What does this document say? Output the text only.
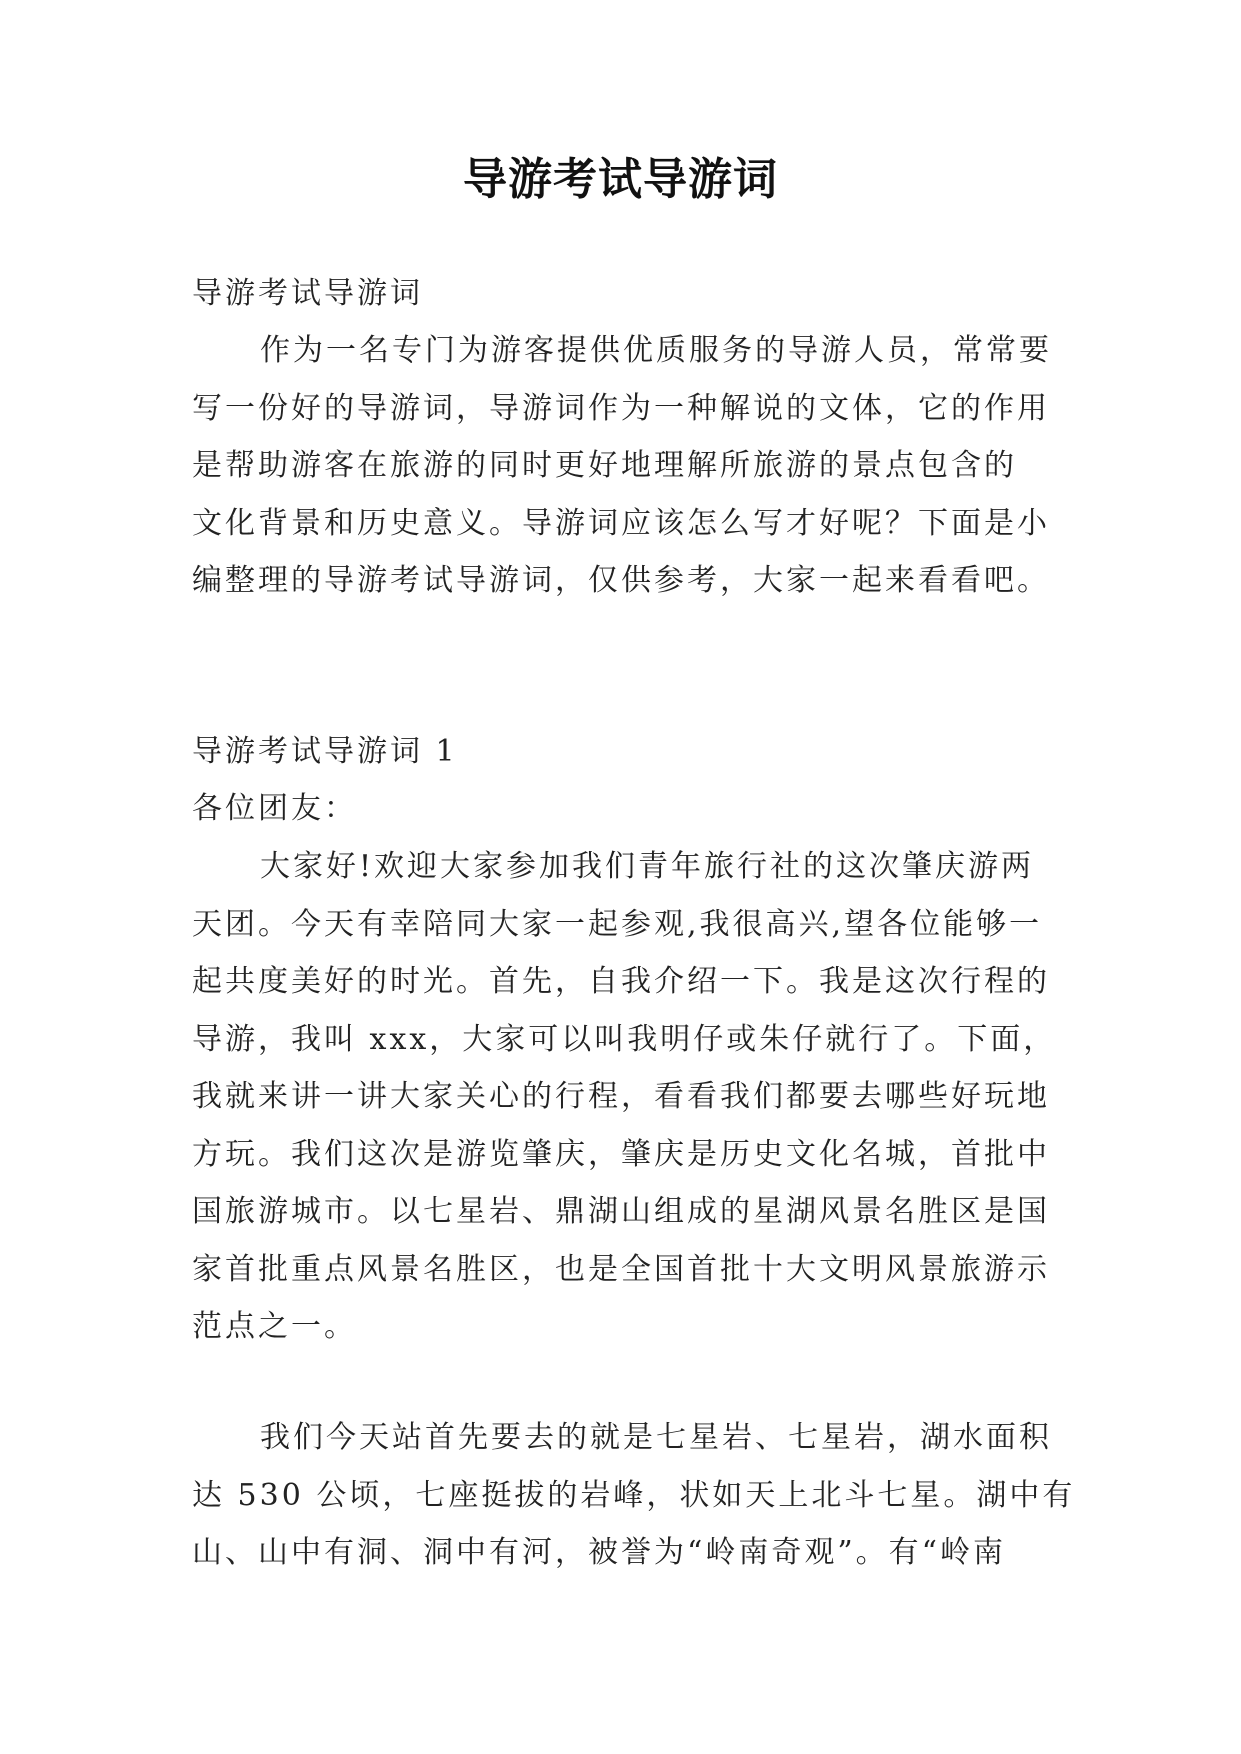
导游考试导游词

导游考试导游词

作为一名专门为游客提供优质服务的导游人员，常常要
写一份好的导游词，导游词作为一种解说的文体，它的作用
是帮助游客在旅游的同时更好地理解所旅游的景点包含的
文化背景和历史意义。导游词应该怎么写才好呢？下面是小
编整理的导游考试导游词，仅供参考，大家一起来看看吧。

导游考试导游词 1

各位团友：

大家好!欢迎大家参加我们青年旅行社的这次肇庆游两
天团。今天有幸陪同大家一起参观,我很高兴,望各位能够一
起共度美好的时光。首先，自我介绍一下。我是这次行程的
导游，我叫 xxx，大家可以叫我明仔或朱仔就行了。下面，
我就来讲一讲大家关心的行程，看看我们都要去哪些好玩地
方玩。我们这次是游览肇庆，肇庆是历史文化名城，首批中
国旅游城市。以七星岩、鼎湖山组成的星湖风景名胜区是国
家首批重点风景名胜区，也是全国首批十大文明风景旅游示
范点之一。
我们今天站首先要去的就是七星岩、七星岩，湖水面积
达 530 公顷，七座挺拔的岩峰，状如天上北斗七星。湖中有
山、山中有洞、洞中有河，被誉为“岭南奇观”。有“岭南
